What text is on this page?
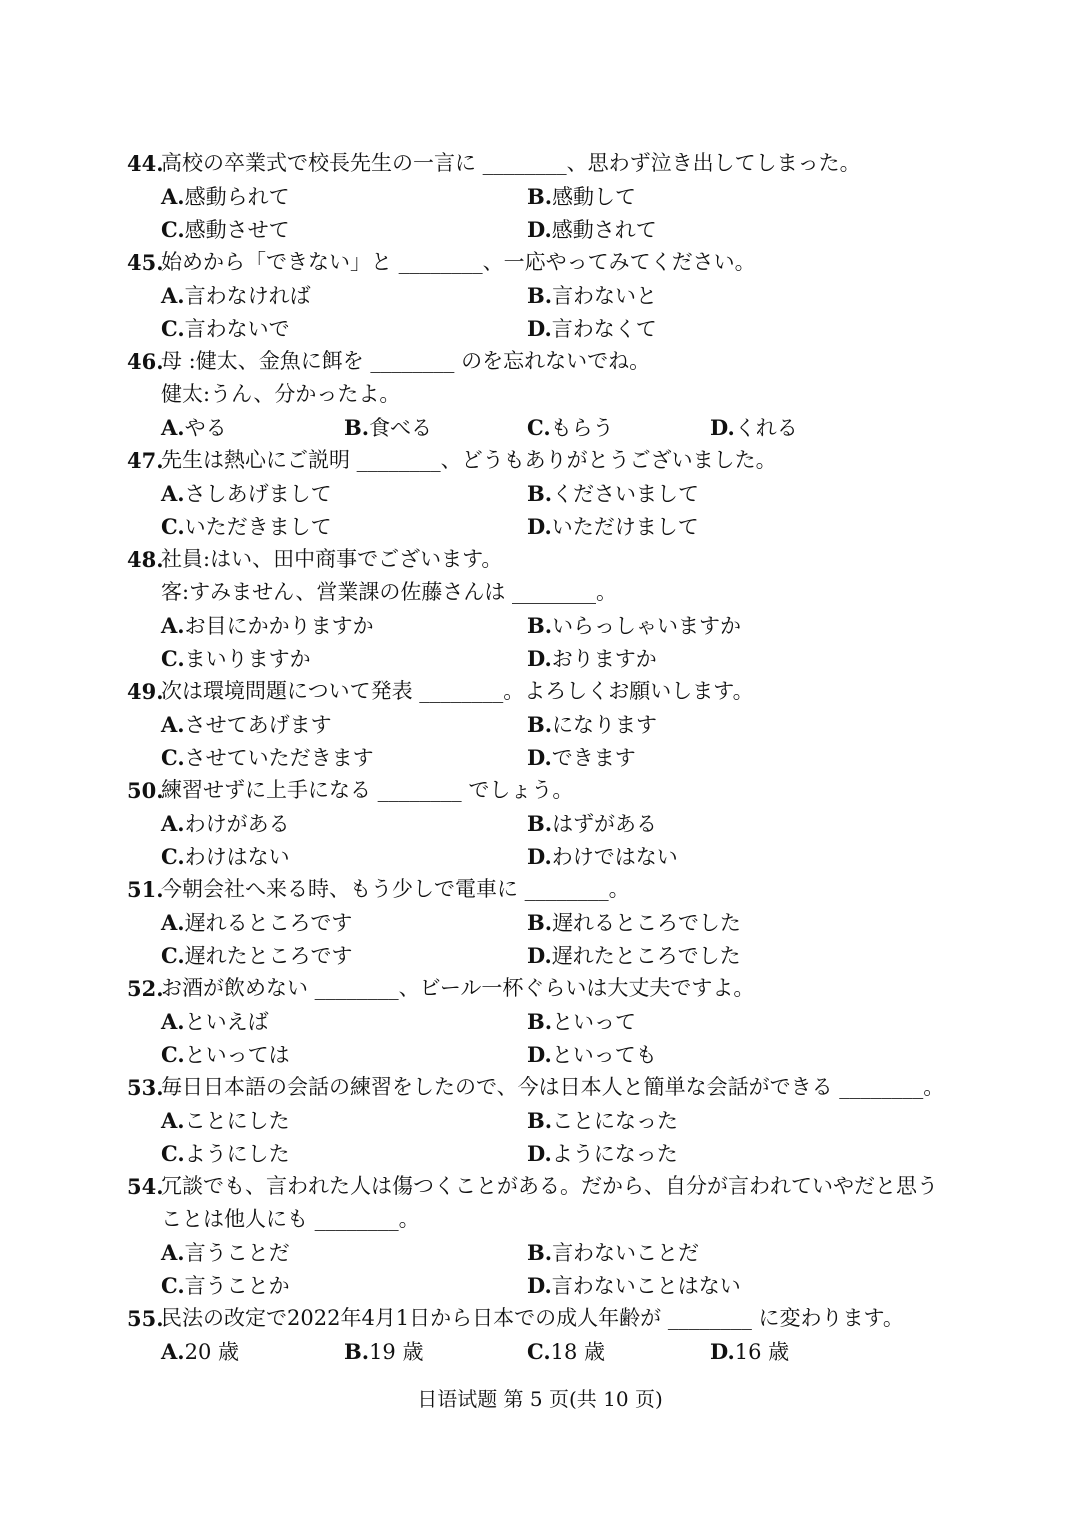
44.
高校の卒業式で校長先生の一言に ________、思わず泣き出してしまった。
A.感動られて	B.感動して
C.感動させて	D.感動されて
45.
始めから「できない」と ________、一応やってみてください。
A.言わなければ	B.言わないと
C.言わないで	D.言わなくて
46.
母 :健太、金魚に餌を ________ のを忘れないでね。
健太:うん、分かったよ。
A.やる	B.食べる	C.もらう	D.くれる
47.
先生は熱心にご説明 ________、どうもありがとうございました。
A.さしあげまして	B.くださいまして
C.いただきまして	D.いただけまして
48.
社員:はい、田中商事でございます。
客:すみません、営業課の佐藤さんは ________。
A.お目にかかりますか	B.いらっしゃいますか
C.まいりますか	D.おりますか
49.
次は環境問題について発表 ________。よろしくお願いします。
A.させてあげます	B.になります
C.させていただきます	D.できます
50.
練習せずに上手になる ________ でしょう。
A.わけがある	B.はずがある
C.わけはない	D.わけではない
51.
今朝会社へ来る時、もう少しで電車に ________。
A.遅れるところです	B.遅れるところでした
C.遅れたところです	D.遅れたところでした
52.
お酒が飲めない ________、ビール一杯ぐらいは大丈夫ですよ。
A.といえば	B.といって
C.といっては	D.といっても
53.
毎日日本語の会話の練習をしたので、今は日本人と簡単な会話ができる ________。
A.ことにした	B.ことになった
C.ようにした	D.ようになった
54.
冗談でも、言われた人は傷つくことがある。だから、自分が言われていやだと思う
ことは他人にも ________。
A.言うことだ	B.言わないことだ
C.言うことか	D.言わないことはない
55.
民法の改定で2022年4月1日から日本での成人年齢が ________ に変わります。
A.20 歳	B.19 歳	C.18 歳	D.16 歳
日语试题 第 5 页(共 10 页)
